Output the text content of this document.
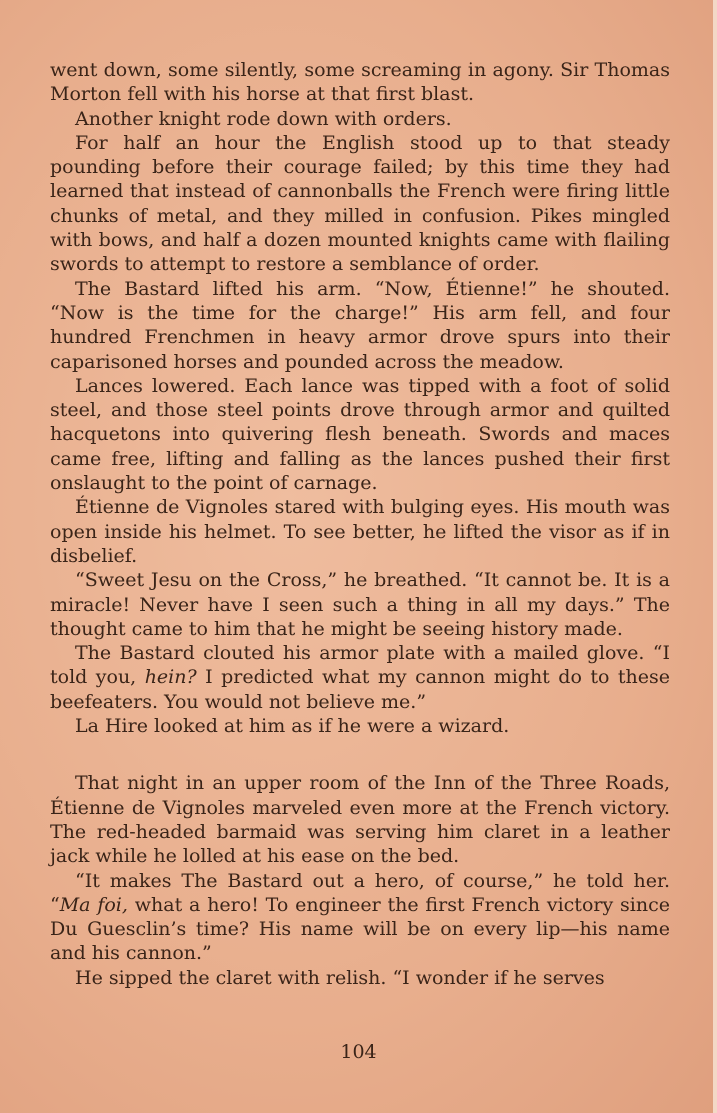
went down, some silently, some screaming in agony. Sir Thomas Morton fell with his horse at that first blast.

Another knight rode down with orders.

For half an hour the English stood up to that steady pounding before their courage failed; by this time they had learned that instead of cannonballs the French were firing little chunks of metal, and they milled in confusion. Pikes mingled with bows, and half a dozen mounted knights came with flailing swords to attempt to restore a semblance of order.

The Bastard lifted his arm. “Now, Étienne!” he shouted. “Now is the time for the charge!” His arm fell, and four hundred Frenchmen in heavy armor drove spurs into their caparisoned horses and pounded across the meadow.

Lances lowered. Each lance was tipped with a foot of solid steel, and those steel points drove through armor and quilted hacquetons into quivering flesh beneath. Swords and maces came free, lifting and falling as the lances pushed their first onslaught to the point of carnage.

Étienne de Vignoles stared with bulging eyes. His mouth was open inside his helmet. To see better, he lifted the visor as if in disbelief.

“Sweet Jesu on the Cross,” he breathed. “It cannot be. It is a miracle! Never have I seen such a thing in all my days.” The thought came to him that he might be seeing history made.

The Bastard clouted his armor plate with a mailed glove. “I told you, hein? I predicted what my cannon might do to these beefeaters. You would not believe me.”

La Hire looked at him as if he were a wizard.

That night in an upper room of the Inn of the Three Roads, Étienne de Vignoles marveled even more at the French victory. The red-headed barmaid was serving him claret in a leather jack while he lolled at his ease on the bed.

“It makes The Bastard out a hero, of course,” he told her. “Ma foi, what a hero! To engineer the first French victory since Du Guesclin’s time? His name will be on every lip—his name and his cannon.”

He sipped the claret with relish. “I wonder if he serves

104
